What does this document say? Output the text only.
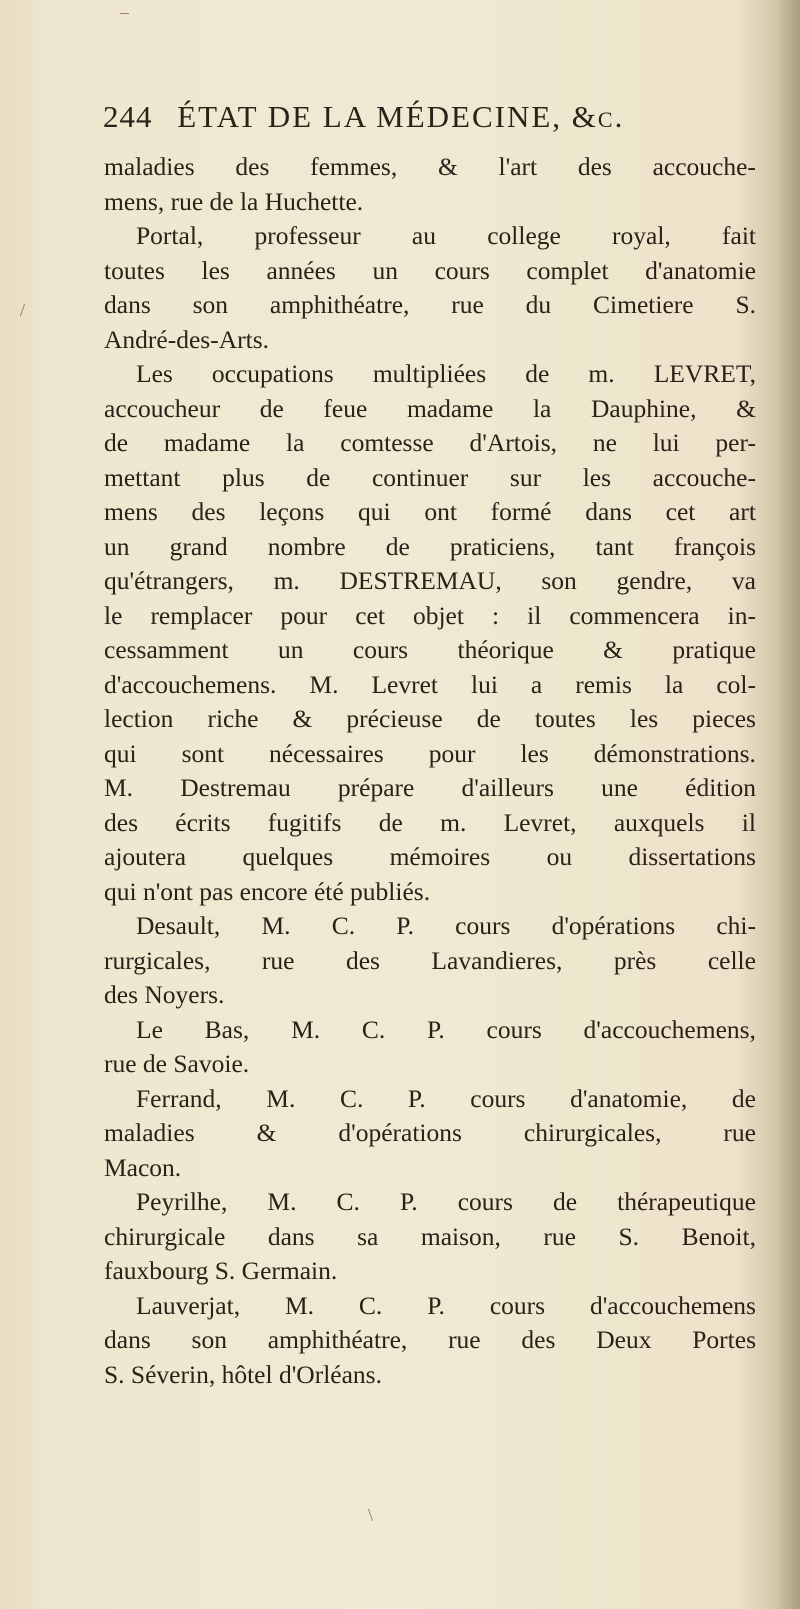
–
/
\
244 ÉTAT DE LA MÉDECINE, &c.
maladies des femmes, & l'art des accouche-
mens, rue de la Huchette.
Portal, professeur au college royal, fait
toutes les années un cours complet d'anatomie
dans son amphithéatre, rue du Cimetiere S.
André-des-Arts.
Les occupations multipliées de m. LEVRET,
accoucheur de feue madame la Dauphine, &
de madame la comtesse d'Artois, ne lui per-
mettant plus de continuer sur les accouche-
mens des leçons qui ont formé dans cet art
un grand nombre de praticiens, tant françois
qu'étrangers, m. DESTREMAU, son gendre, va
le remplacer pour cet objet : il commencera in-
cessamment un cours théorique & pratique
d'accouchemens. M. Levret lui a remis la col-
lection riche & précieuse de toutes les pieces
qui sont nécessaires pour les démonstrations.
M. Destremau prépare d'ailleurs une édition
des écrits fugitifs de m. Levret, auxquels il
ajoutera quelques mémoires ou dissertations
qui n'ont pas encore été publiés.
Desault, M. C. P. cours d'opérations chi-
rurgicales, rue des Lavandieres, près celle
des Noyers.
Le Bas, M. C. P. cours d'accouchemens,
rue de Savoie.
Ferrand, M. C. P. cours d'anatomie, de
maladies & d'opérations chirurgicales, rue
Macon.
Peyrilhe, M. C. P. cours de thérapeutique
chirurgicale dans sa maison, rue S. Benoit,
fauxbourg S. Germain.
Lauverjat, M. C. P. cours d'accouchemens
dans son amphithéatre, rue des Deux Portes
S. Séverin, hôtel d'Orléans.
